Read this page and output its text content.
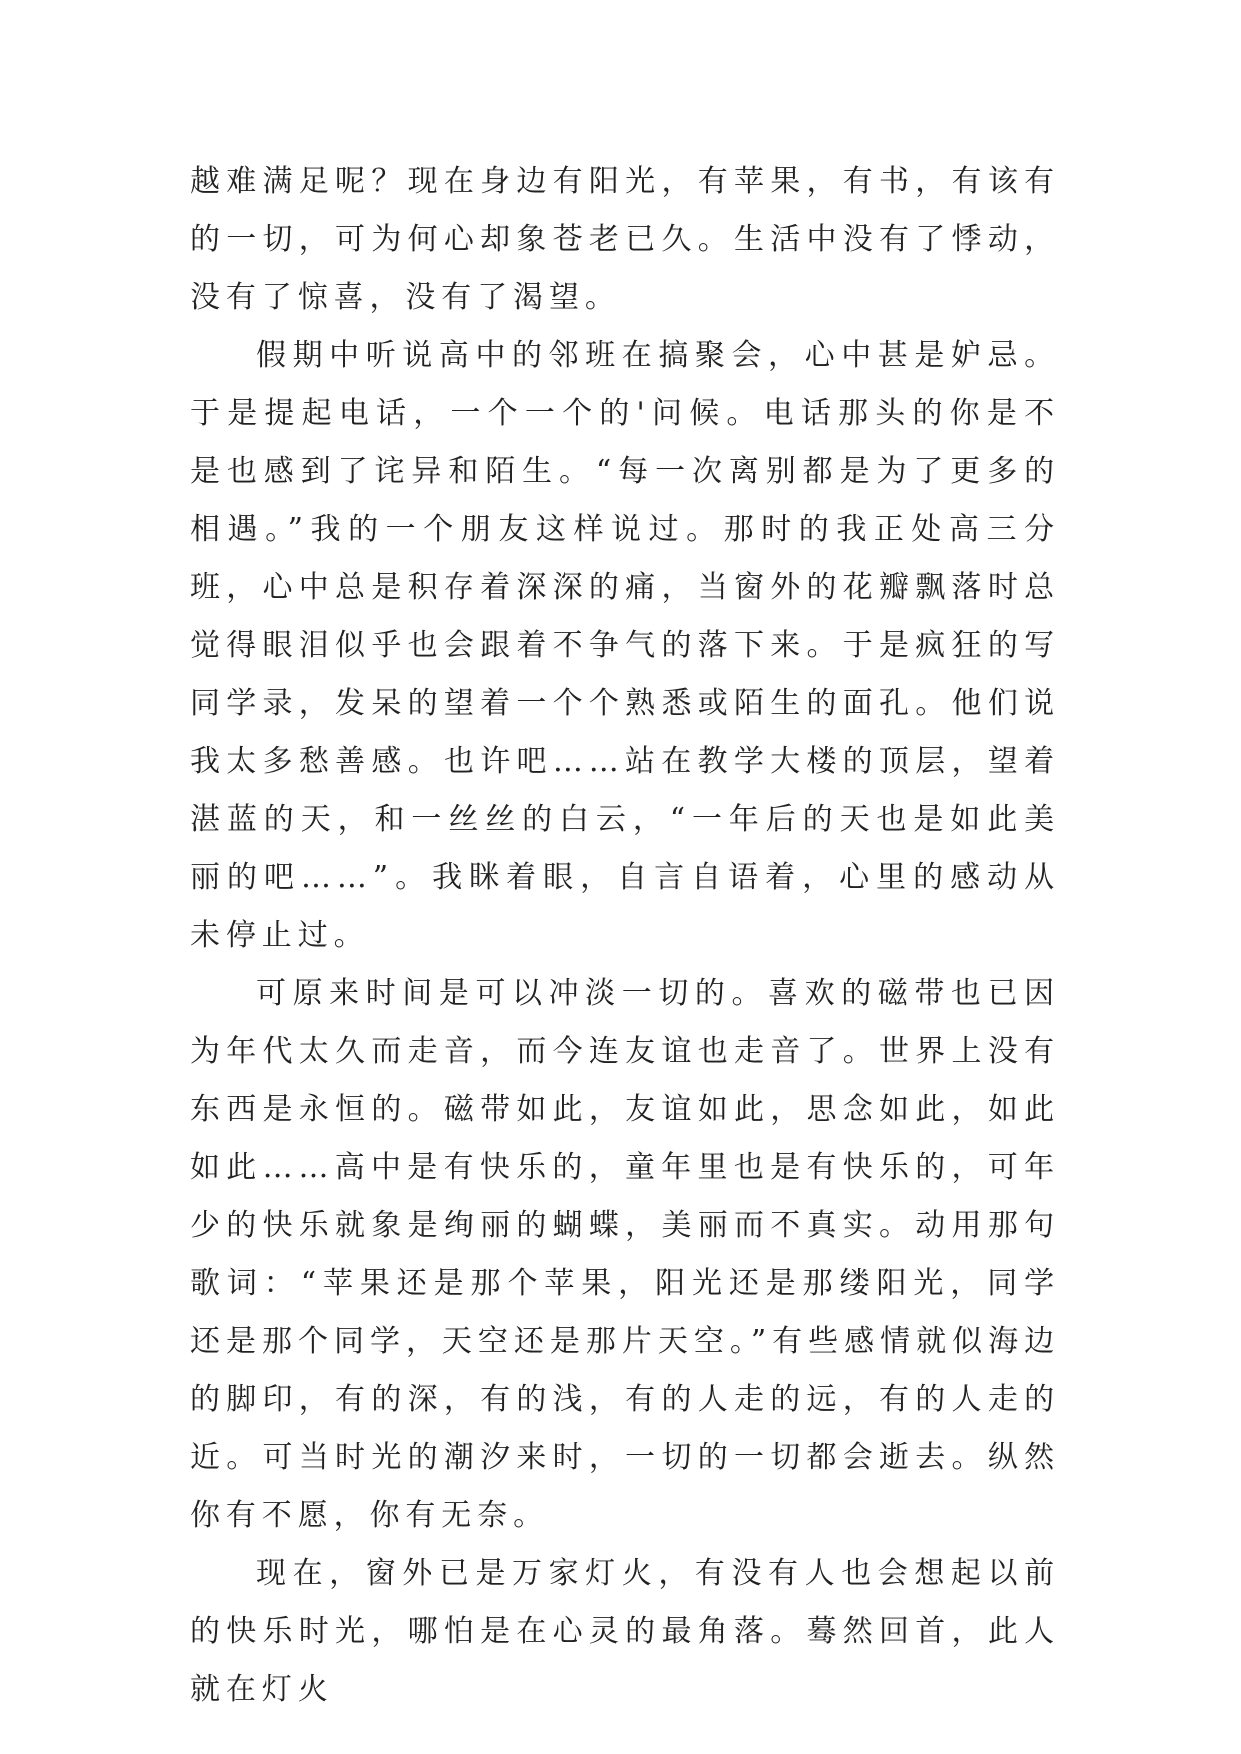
越难满足呢？现在身边有阳光，有苹果，有书，有该有的一切，可为何心却象苍老已久。生活中没有了悸动，没有了惊喜，没有了渴望。

假期中听说高中的邻班在搞聚会，心中甚是妒忌。于是提起电话，一个一个的'问候。电话那头的你是不是也感到了诧异和陌生。“每一次离别都是为了更多的相遇。”我的一个朋友这样说过。那时的我正处高三分班，心中总是积存着深深的痛，当窗外的花瓣飘落时总觉得眼泪似乎也会跟着不争气的落下来。于是疯狂的写同学录，发呆的望着一个个熟悉或陌生的面孔。他们说我太多愁善感。也许吧……站在教学大楼的顶层，望着湛蓝的天，和一丝丝的白云，“一年后的天也是如此美丽的吧……”。我眯着眼，自言自语着，心里的感动从未停止过。

可原来时间是可以冲淡一切的。喜欢的磁带也已因为年代太久而走音，而今连友谊也走音了。世界上没有东西是永恒的。磁带如此，友谊如此，思念如此，如此如此……高中是有快乐的，童年里也是有快乐的，可年少的快乐就象是绚丽的蝴蝶，美丽而不真实。动用那句歌词：“苹果还是那个苹果，阳光还是那缕阳光，同学还是那个同学，天空还是那片天空。”有些感情就似海边的脚印，有的深，有的浅，有的人走的远，有的人走的近。可当时光的潮汐来时，一切的一切都会逝去。纵然你有不愿，你有无奈。

现在，窗外已是万家灯火，有没有人也会想起以前的快乐时光，哪怕是在心灵的最角落。蓦然回首，此人就在灯火
